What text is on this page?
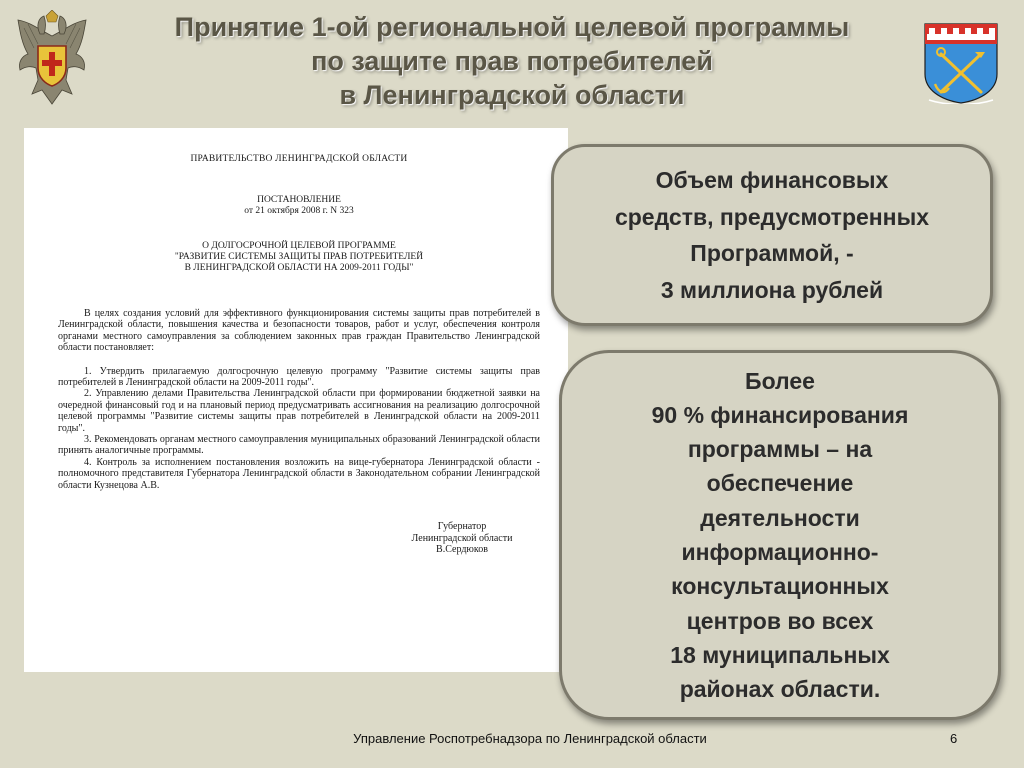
Принятие 1-ой региональной целевой программы
по защите прав потребителей
в Ленинградской области
ПРАВИТЕЛЬСТВО ЛЕНИНГРАДСКОЙ ОБЛАСТИ
ПОСТАНОВЛЕНИЕ
от 21 октября 2008 г. N 323
О ДОЛГОСРОЧНОЙ ЦЕЛЕВОЙ ПРОГРАММЕ
"РАЗВИТИЕ СИСТЕМЫ ЗАЩИТЫ ПРАВ ПОТРЕБИТЕЛЕЙ
В ЛЕНИНГРАДСКОЙ ОБЛАСТИ НА 2009-2011 ГОДЫ"

В целях создания условий для эффективного функционирования системы защиты прав потребителей в Ленинградской области, повышения качества и безопасности товаров, работ и услуг, обеспечения контроля органами местного самоуправления за соблюдением законных прав граждан Правительство Ленинградской области постановляет:

1. Утвердить прилагаемую долгосрочную целевую программу "Развитие системы защиты прав потребителей в Ленинградской области на 2009-2011 годы".

2. Управлению делами Правительства Ленинградской области при формировании бюджетной заявки на очередной финансовый год и на плановый период предусматривать ассигнования на реализацию долгосрочной целевой программы "Развитие системы защиты прав потребителей в Ленинградской области на 2009-2011 годы".

3. Рекомендовать органам местного самоуправления муниципальных образований Ленинградской области принять аналогичные программы.

4. Контроль за исполнением постановления возложить на вице-губернатора Ленинградской области - полномочного представителя Губернатора Ленинградской области в Законодательном собрании Ленинградской области Кузнецова А.В.

Губернатор
Ленинградской области
В.Сердюков
Объем финансовых
средств, предусмотренных
Программой, -
3 миллиона рублей
Более
90 % финансирования
программы – на
обеспечение
деятельности
информационно-
консультационных
центров во всех
18 муниципальных
районах области.
Управление Роспотребнадзора по Ленинградской области	6
